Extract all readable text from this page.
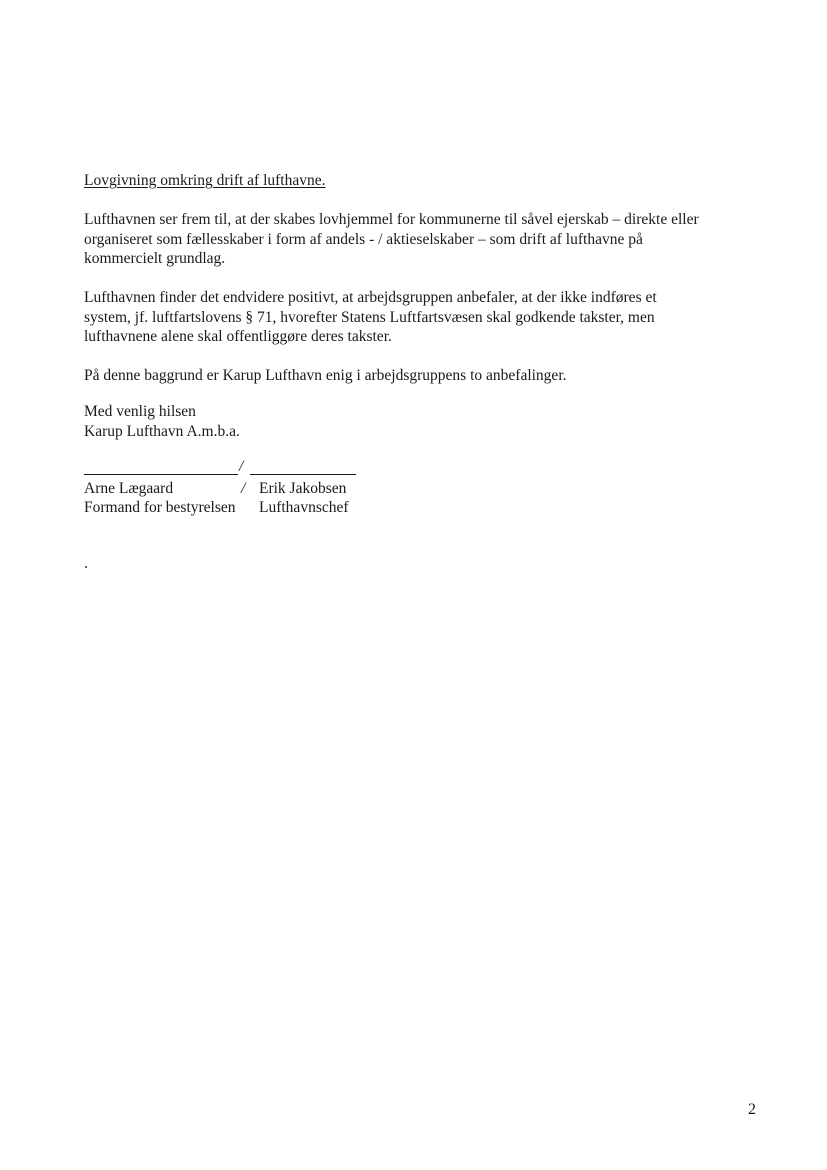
Lovgivning omkring drift af lufthavne.
Lufthavnen ser frem til, at der skabes lovhjemmel for kommunerne til såvel ejerskab – direkte eller
organiseret som fællesskaber i form af andels - / aktieselskaber – som drift af lufthavne på
kommercielt grundlag.
Lufthavnen finder det endvidere positivt, at arbejdsgruppen anbefaler, at der ikke indføres et
system, jf. luftfartslovens § 71, hvorefter Statens Luftfartsvæsen skal godkende takster, men
lufthavnene alene skal offentliggøre deres takster.
På denne baggrund er Karup Lufthavn enig i arbejdsgruppens to anbefalinger.
Med venlig hilsen
Karup Lufthavn A.m.b.a.
/
Arne Lægaard	/ Erik Jakobsen
Formand for bestyrelsen Lufthavnschef
2
